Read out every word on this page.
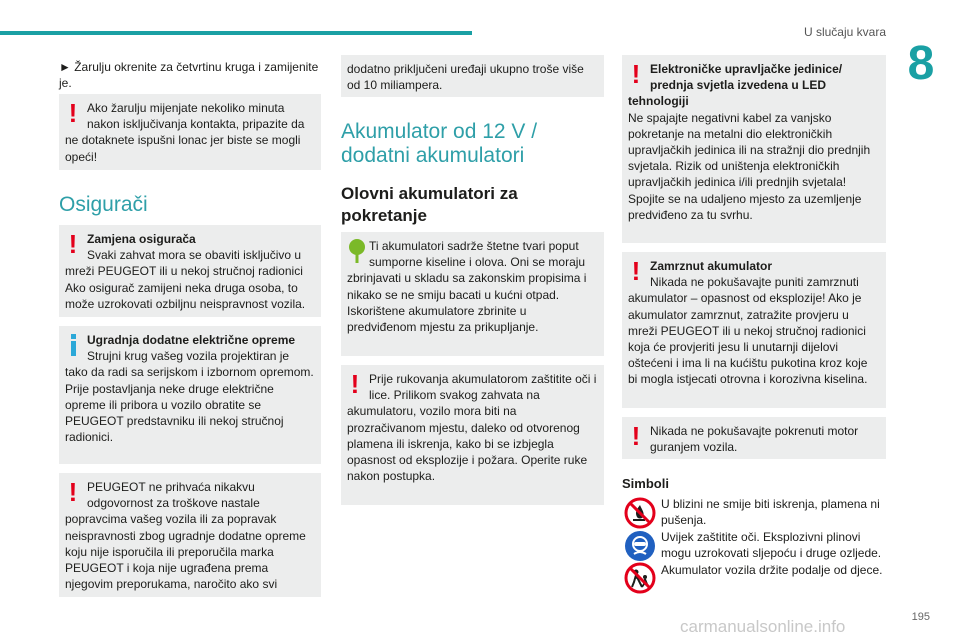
U slučaju kvara
8
► Žarulju okrenite za četvrtinu kruga i zamijenite je.
! Ako žarulju mijenjate nekoliko minuta nakon isključivanja kontakta, pripazite da ne dotaknete ispušni lonac jer biste se mogli opeći!
Osigurači
! Zamjena osigurača
Svaki zahvat mora se obaviti isključivo u mreži PEUGEOT ili u nekoj stručnoj radionici Ako osigurač zamijeni neka druga osoba, to može uzrokovati ozbiljnu neispravnost vozila.
Ugradnja dodatne električne opreme
Strujni krug vašeg vozila projektiran je tako da radi sa serijskom i izbornom opremom. Prije postavljanja neke druge električne opreme ili pribora u vozilo obratite se PEUGEOT predstavniku ili nekoj stručnoj radionici.
! PEUGEOT ne prihvaća nikakvu odgovornost za troškove nastale popravcima vašeg vozila ili za popravak neispravnosti zbog ugradnje dodatne opreme koju nije isporučila ili preporučila marka PEUGEOT i koja nije ugrađena prema njegovim preporukama, naročito ako svi
dodatno priključeni uređaji ukupno troše više od 10 miliampera.
Akumulator od 12 V /
dodatni akumulatori
Olovni akumulatori za
pokretanje
Ti akumulatori sadrže štetne tvari poput sumporne kiseline i olova. Oni se moraju zbrinjavati u skladu sa zakonskim propisima i nikako se ne smiju bacati u kućni otpad. Iskorištene akumulatore zbrinite u predviđenom mjestu za prikupljanje.
! Prije rukovanja akumulatorom zaštitite oči i lice. Prilikom svakog zahvata na akumulatoru, vozilo mora biti na prozračivanom mjestu, daleko od otvorenog plamena ili iskrenja, kako bi se izbjegla opasnost od eksplozije i požara. Operite ruke nakon postupka.
! Elektroničke upravljačke jedinice/ prednja svjetla izvedena u LED tehnologiji
Ne spajajte negativni kabel za vanjsko pokretanje na metalni dio elektroničkih upravljačkih jedinica ili na stražnji dio prednjih svjetala. Rizik od uništenja elektroničkih upravljačkih jedinica i/ili prednjih svjetala! Spojite se na udaljeno mjesto za uzemljenje predviđeno za tu svrhu.
! Zamrznut akumulator
Nikada ne pokušavajte puniti zamrznuti akumulator – opasnost od eksplozije! Ako je akumulator zamrznut, zatražite provjeru u mreži PEUGEOT ili u nekoj stručnoj radionici koja će provjeriti jesu li unutarnji dijelovi oštećeni i ima li na kućištu pukotina kroz koje bi mogla istjecati otrovna i korozivna kiselina.
! Nikada ne pokušavajte pokrenuti motor guranjem vozila.
Simboli
U blizini ne smije biti iskrenja, plamena ni pušenja.
Uvijek zaštitite oči. Eksplozivni plinovi mogu uzrokovati sljepoću i druge ozljede.
Akumulator vozila držite podalje od djece.
195
carmanualsonline.info
